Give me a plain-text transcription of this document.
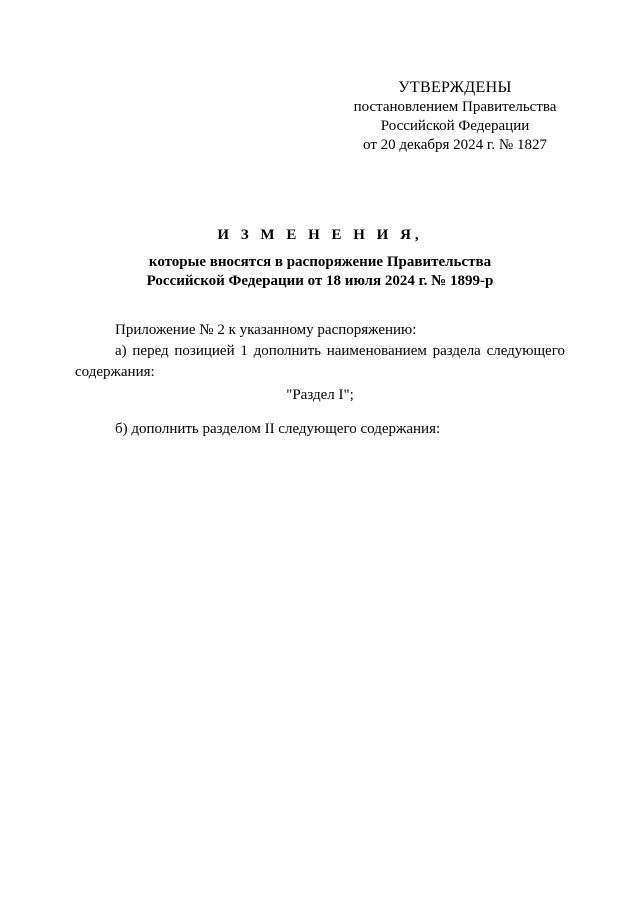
УТВЕРЖДЕНЫ
постановлением Правительства
Российской Федерации
от 20 декабря 2024 г. № 1827
И З М Е Н Е Н И Я,
которые вносятся в распоряжение Правительства
Российской Федерации от 18 июля 2024 г. № 1899-р

Приложение № 2 к указанному распоряжению:

а) перед позицией 1 дополнить наименованием раздела следующего содержания:

"Раздел I";

б) дополнить разделом II следующего содержания:
